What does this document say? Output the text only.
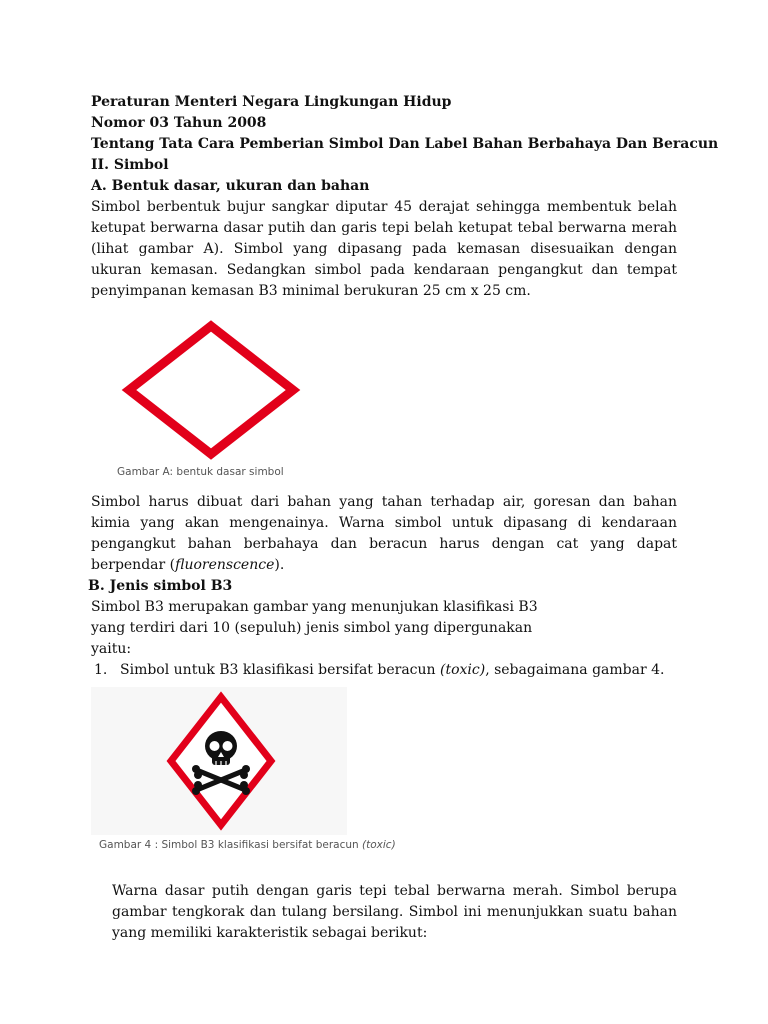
Peraturan Menteri Negara Lingkungan Hidup

Nomor 03 Tahun 2008

Tentang Tata Cara Pemberian Simbol Dan Label Bahan Berbahaya Dan Beracun

II. Simbol

A. Bentuk dasar, ukuran dan bahan

Simbol berbentuk bujur sangkar diputar 45 derajat sehingga membentuk belah ketupat berwarna dasar putih dan garis tepi belah ketupat tebal berwarna merah (lihat gambar A). Simbol yang dipasang pada kemasan disesuaikan dengan ukuran kemasan. Sedangkan simbol pada kendaraan pengangkut dan tempat penyimpanan kemasan B3 minimal berukuran 25 cm x 25 cm.

Gambar A: bentuk dasar simbol

Simbol harus dibuat dari bahan yang tahan terhadap air, goresan dan bahan kimia yang akan mengenainya. Warna simbol untuk dipasang di kendaraan pengangkut bahan berbahaya dan beracun harus dengan cat yang dapat berpendar (fluorenscence).

B. Jenis simbol B3

Simbol B3 merupakan gambar yang menunjukan klasifikasi B3

yang terdiri dari 10 (sepuluh) jenis simbol yang dipergunakan

yaitu:

1. Simbol untuk B3 klasifikasi bersifat beracun (toxic), sebagaimana gambar 4.

Gambar 4 : Simbol B3 klasifikasi bersifat beracun (toxic)

Warna dasar putih dengan garis tepi tebal berwarna merah. Simbol berupa gambar tengkorak dan tulang bersilang. Simbol ini menunjukkan suatu bahan yang memiliki karakteristik sebagai berikut:
